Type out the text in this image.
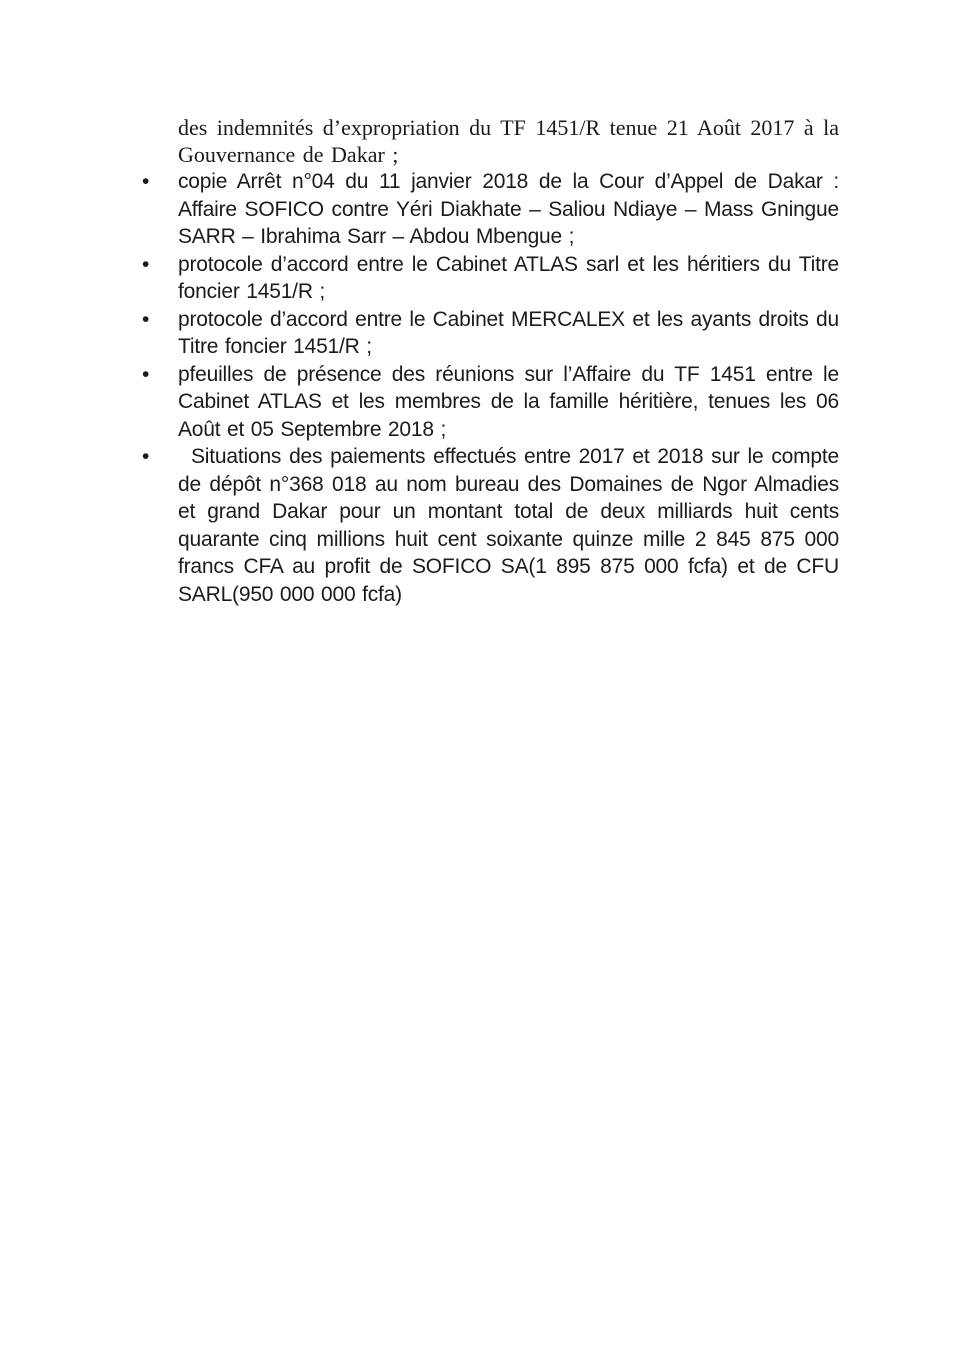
des indemnités d’expropriation du TF 1451/R tenue 21 Août 2017 à la Gouvernance de Dakar ;

• copie Arrêt n°04 du 11 janvier 2018 de la Cour d’Appel de Dakar : Affaire SOFICO contre Yéri Diakhate – Saliou Ndiaye – Mass Gningue SARR – Ibrahima Sarr – Abdou Mbengue ;

• protocole d’accord entre le Cabinet ATLAS sarl et les héritiers du Titre foncier 1451/R ;

• protocole d’accord entre le Cabinet MERCALEX et les ayants droits du Titre foncier 1451/R ;

• pfeuilles de présence des réunions sur l’Affaire du TF 1451 entre le Cabinet ATLAS et les membres de la famille héritière, tenues les 06 Août et 05 Septembre 2018 ;

•	Situations des paiements effectués entre 2017 et 2018 sur le compte de dépôt n°368 018 au nom bureau des Domaines de Ngor Almadies et grand Dakar pour un montant total de deux milliards huit cents quarante cinq millions huit cent soixante quinze mille 2 845 875 000 francs CFA au profit de SOFICO SA(1 895 875 000 fcfa) et de CFU SARL(950 000 000 fcfa)
